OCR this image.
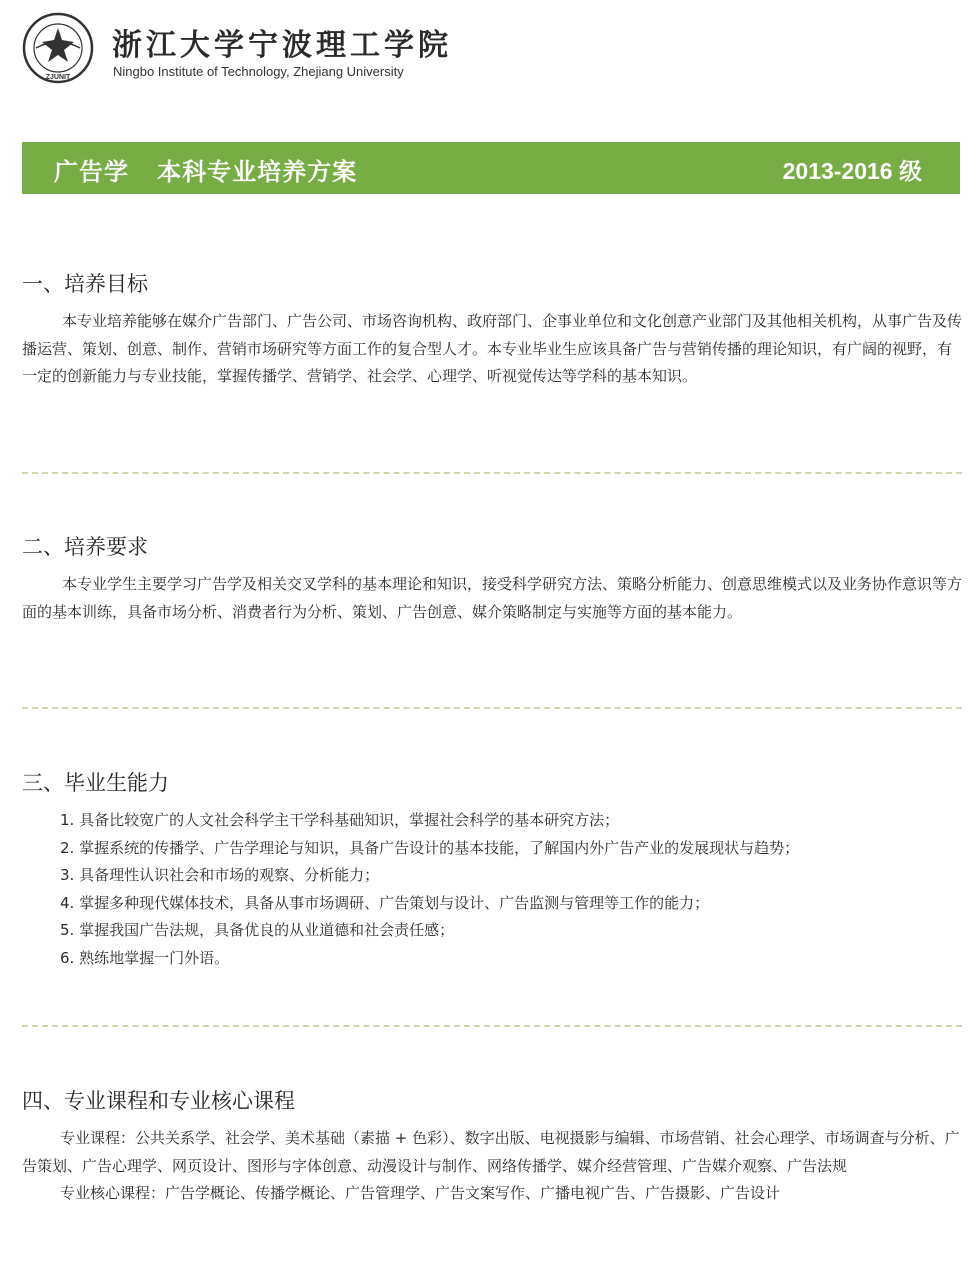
ZJUNIT
浙江大学宁波理工学院
Ningbo Institute of Technology, Zhejiang University
广告学   本科专业培养方案	2013-2016 级
一、培养目标

本专业培养能够在媒介广告部门、广告公司、市场咨询机构、政府部门、企事业单位和文化创意产业部门及其他相关机构，从事广告及传播运营、策划、创意、制作、营销市场研究等方面工作的复合型人才。本专业毕业生应该具备广告与营销传播的理论知识，有广阔的视野，有一定的创新能力与专业技能，掌握传播学、营销学、社会学、心理学、听视觉传达等学科的基本知识。

二、培养要求

本专业学生主要学习广告学及相关交叉学科的基本理论和知识，接受科学研究方法、策略分析能力、创意思维模式以及业务协作意识等方面的基本训练，具备市场分析、消费者行为分析、策划、广告创意、媒介策略制定与实施等方面的基本能力。

三、毕业生能力
1. 具备比较宽广的人文社会科学主干学科基础知识，掌握社会科学的基本研究方法；
2. 掌握系统的传播学、广告学理论与知识，具备广告设计的基本技能，了解国内外广告产业的发展现状与趋势；
3. 具备理性认识社会和市场的观察、分析能力；
4. 掌握多种现代媒体技术，具备从事市场调研、广告策划与设计、广告监测与管理等工作的能力；
5. 掌握我国广告法规，具备优良的从业道德和社会责任感；
6. 熟练地掌握一门外语。
四、专业课程和专业核心课程

专业课程：公共关系学、社会学、美术基础（素描 + 色彩）、数字出版、电视摄影与编辑、市场营销、社会心理学、市场调查与分析、广告策划、广告心理学、网页设计、图形与字体创意、动漫设计与制作、网络传播学、媒介经营管理、广告媒介观察、广告法规

专业核心课程：广告学概论、传播学概论、广告管理学、广告文案写作、广播电视广告、广告摄影、广告设计
